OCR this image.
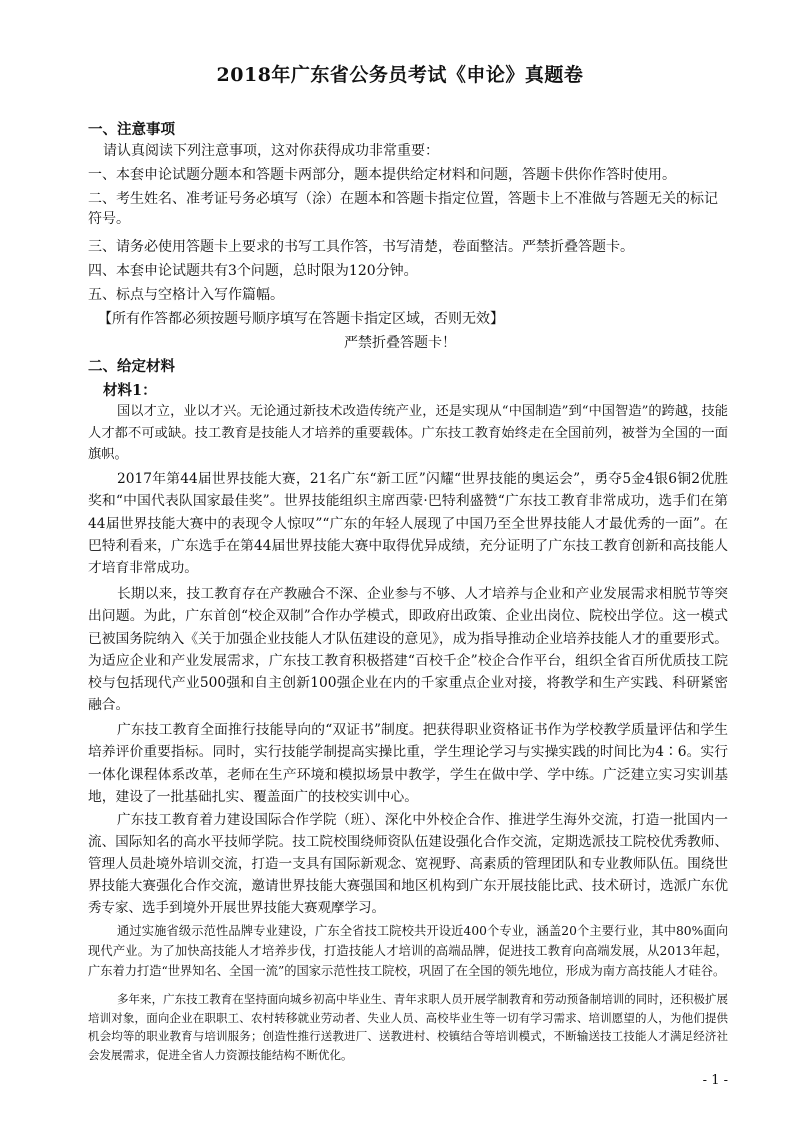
2018年广东省公务员考试《申论》真题卷
一、注意事项
请认真阅读下列注意事项，这对你获得成功非常重要：
一、本套申论试题分题本和答题卡两部分，题本提供给定材料和问题，答题卡供你作答时使用。
二、考生姓名、准考证号务必填写（涂）在题本和答题卡指定位置，答题卡上不准做与答题无关的标记符号。
三、请务必使用答题卡上要求的书写工具作答，书写清楚，卷面整洁。严禁折叠答题卡。
四、本套申论试题共有3个问题，总时限为120分钟。
五、标点与空格计入写作篇幅。
【所有作答都必须按题号顺序填写在答题卡指定区域，否则无效】
严禁折叠答题卡！
二、给定材料
材料1：

国以才立，业以才兴。无论通过新技术改造传统产业，还是实现从“中国制造”到“中国智造”的跨越，技能人才都不可或缺。技工教育是技能人才培养的重要载体。广东技工教育始终走在全国前列，被誉为全国的一面旗帜。

2017年第44届世界技能大赛，21名广东“新工匠”闪耀“世界技能的奥运会”，勇夺5金4银6铜2优胜奖和“中国代表队国家最佳奖”。世界技能组织主席西蒙·巴特利盛赞“广东技工教育非常成功，选手们在第44届世界技能大赛中的表现令人惊叹”“广东的年轻人展现了中国乃至全世界技能人才最优秀的一面”。在巴特利看来，广东选手在第44届世界技能大赛中取得优异成绩，充分证明了广东技工教育创新和高技能人才培育非常成功。

长期以来，技工教育存在产教融合不深、企业参与不够、人才培养与企业和产业发展需求相脱节等突出问题。为此，广东首创“校企双制”合作办学模式，即政府出政策、企业出岗位、院校出学位。这一模式已被国务院纳入《关于加强企业技能人才队伍建设的意见》，成为指导推动企业培养技能人才的重要形式。为适应企业和产业发展需求，广东技工教育积极搭建“百校千企”校企合作平台，组织全省百所优质技工院校与包括现代产业500强和自主创新100强企业在内的千家重点企业对接，将教学和生产实践、科研紧密融合。

广东技工教育全面推行技能导向的“双证书”制度。把获得职业资格证书作为学校教学质量评估和学生培养评价重要指标。同时，实行技能学制提高实操比重，学生理论学习与实操实践的时间比为4∶6。实行一体化课程体系改革，老师在生产环境和模拟场景中教学，学生在做中学、学中练。广泛建立实习实训基地，建设了一批基础扎实、覆盖面广的技校实训中心。

广东技工教育着力建设国际合作学院（班）、深化中外校企合作、推进学生海外交流，打造一批国内一流、国际知名的高水平技师学院。技工院校围绕师资队伍建设强化合作交流，定期选派技工院校优秀教师、管理人员赴境外培训交流，打造一支具有国际新观念、宽视野、高素质的管理团队和专业教师队伍。围绕世界技能大赛强化合作交流，邀请世界技能大赛强国和地区机构到广东开展技能比武、技术研讨，选派广东优秀专家、选手到境外开展世界技能大赛观摩学习。

通过实施省级示范性品牌专业建设，广东全省技工院校共开设近400个专业，涵盖20个主要行业，其中80%面向现代产业。为了加快高技能人才培养步伐，打造技能人才培训的高端品牌，促进技工教育向高端发展，从2013年起，广东着力打造“世界知名、全国一流”的国家示范性技工院校，巩固了在全国的领先地位，形成为南方高技能人才硅谷。

多年来，广东技工教育在坚持面向城乡初高中毕业生、青年求职人员开展学制教育和劳动预备制培训的同时，还积极扩展培训对象，面向企业在职职工、农村转移就业劳动者、失业人员、高校毕业生等一切有学习需求、培训愿望的人，为他们提供机会均等的职业教育与培训服务；创造性推行送教进厂、送教进村、校镇结合等培训模式，不断输送技工技能人才满足经济社会发展需求，促进全省人力资源技能结构不断优化。

- 1 -
